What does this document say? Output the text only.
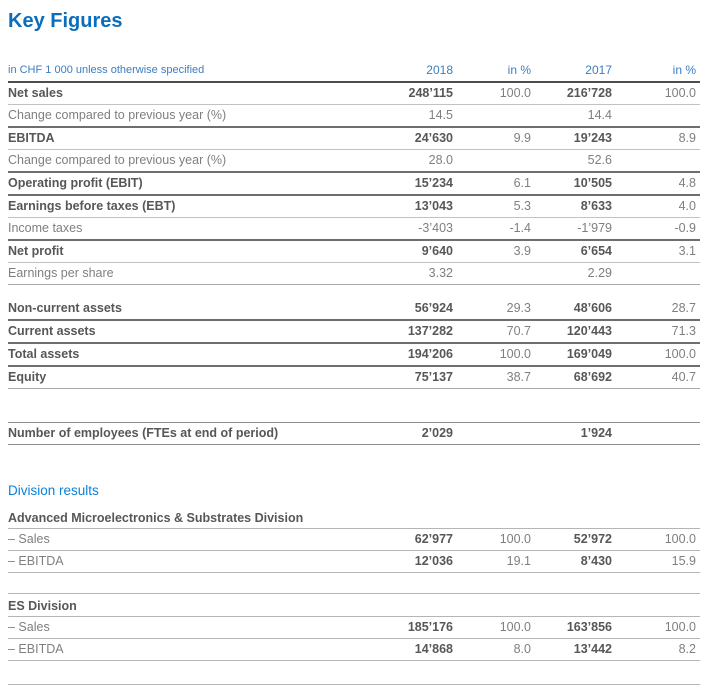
Key Figures
in CHF 1 000 unless otherwise specified	2018	in %	2017	in %
Net sales	248’115	100.0	216’728	100.0
Change compared to previous year (%)	14.5		14.4	
EBITDA	24’630	9.9	19’243	8.9
Change compared to previous year (%)	28.0		52.6	
Operating profit (EBIT)	15’234	6.1	10’505	4.8
Earnings before taxes (EBT)	13’043	5.3	8’633	4.0
Income taxes	-3’403	-1.4	-1’979	-0.9
Net profit	9’640	3.9	6’654	3.1
Earnings per share	3.32		2.29	
Non-current assets	56’924	29.3	48’606	28.7
Current assets	137’282	70.7	120’443	71.3
Total assets	194’206	100.0	169’049	100.0
Equity	75’137	38.7	68’692	40.7
Number of employees (FTEs at end of period)	2’029		1’924	
Division results
Advanced Microelectronics & Substrates Division
– Sales	62’977	100.0	52’972	100.0
– EBITDA	12’036	19.1	8’430	15.9
ES Division
– Sales	185’176	100.0	163’856	100.0
– EBITDA	14’868	8.0	13’442	8.2
